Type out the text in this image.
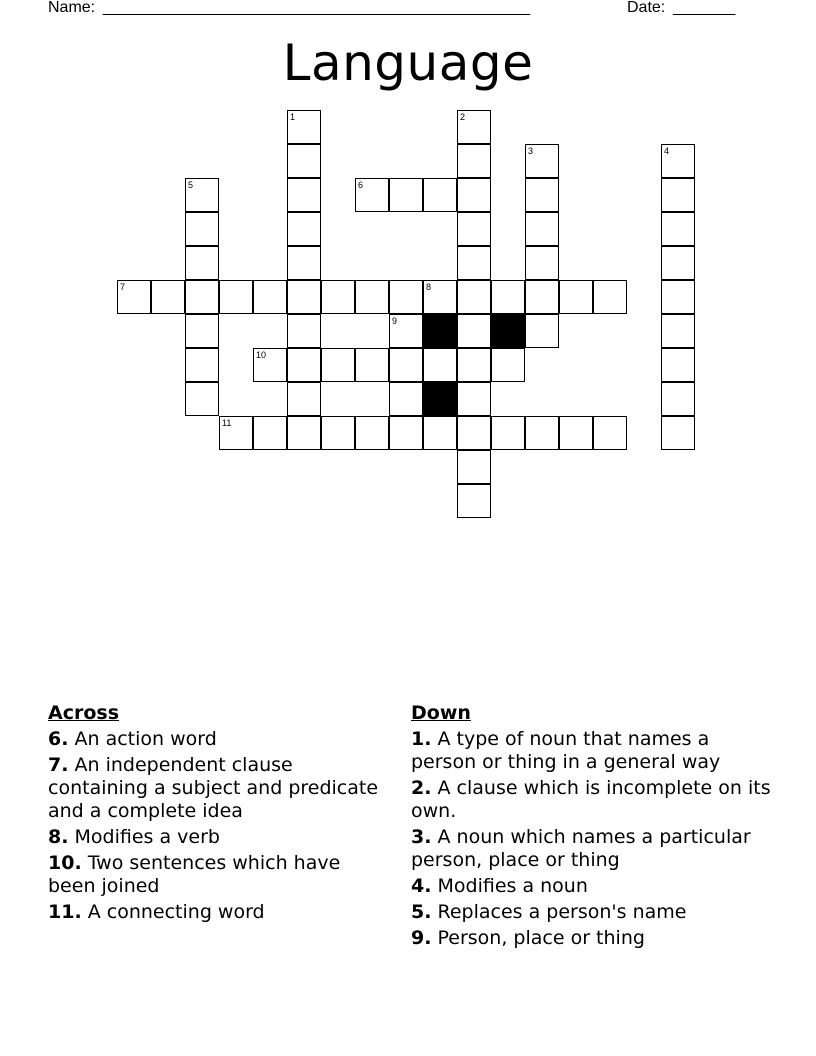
Name: ________________________________________________	Date: _______
Language
1	2
3	4
5
9
6
7	8
10
11
Across
6. An action word
7. An independent clause containing a subject and predicate and a complete idea
8. Modifies a verb
10. Two sentences which have been joined
11. A connecting word
Down
1. A type of noun that names a person or thing in a general way
2. A clause which is incomplete on its own.
3. A noun which names a particular person, place or thing
4. Modifies a noun
5. Replaces a person's name
9. Person, place or thing
